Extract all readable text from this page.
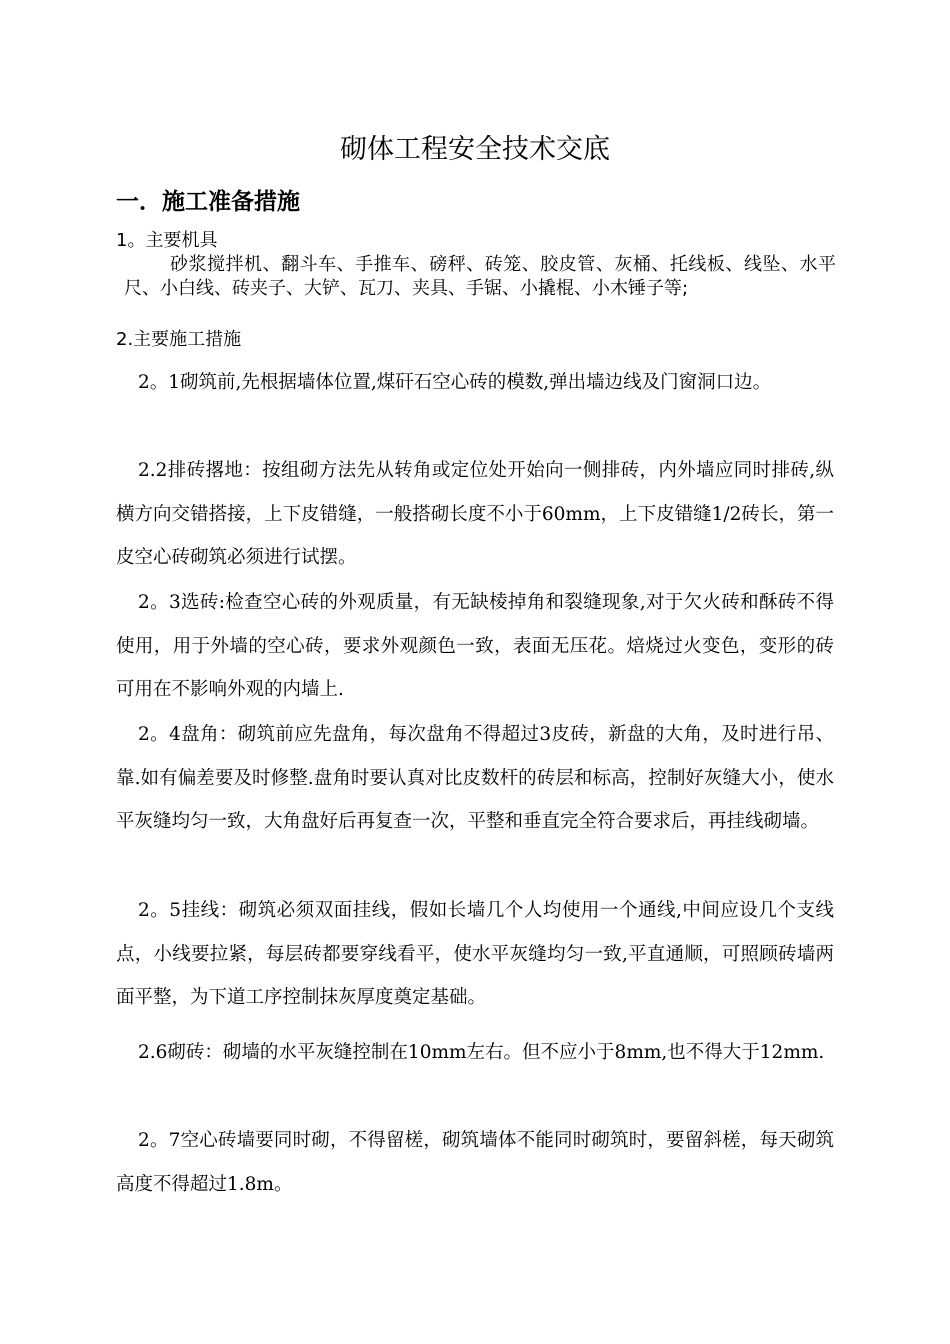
砌体工程安全技术交底
一．施工准备措施

1。主要机具

砂浆搅拌机、翻斗车、手推车、磅秤、砖笼、胶皮管、灰桶、托线板、线坠、水平尺、小白线、砖夹子、大铲、瓦刀、夹具、手锯、小撬棍、小木锤子等;

2.主要施工措施

2。1砌筑前,先根据墙体位置,煤矸石空心砖的模数,弹出墙边线及门窗洞口边。

2.2排砖撂地：按组砌方法先从转角或定位处开始向一侧排砖，内外墙应同时排砖,纵横方向交错搭接，上下皮错缝，一般搭砌长度不小于60mm，上下皮错缝1/2砖长，第一皮空心砖砌筑必须进行试摆。

2。3选砖:检查空心砖的外观质量，有无缺棱掉角和裂缝现象,对于欠火砖和酥砖不得使用，用于外墙的空心砖，要求外观颜色一致，表面无压花。焙烧过火变色，变形的砖可用在不影响外观的内墙上.

2。4盘角：砌筑前应先盘角，每次盘角不得超过3皮砖，新盘的大角，及时进行吊、靠.如有偏差要及时修整.盘角时要认真对比皮数杆的砖层和标高，控制好灰缝大小，使水平灰缝均匀一致，大角盘好后再复查一次，平整和垂直完全符合要求后，再挂线砌墙。

2。5挂线：砌筑必须双面挂线，假如长墙几个人均使用一个通线,中间应设几个支线点，小线要拉紧，每层砖都要穿线看平，使水平灰缝均匀一致,平直通顺，可照顾砖墙两面平整，为下道工序控制抹灰厚度奠定基础。

2.6砌砖：砌墙的水平灰缝控制在10mm左右。但不应小于8mm,也不得大于12mm.

2。7空心砖墙要同时砌，不得留槎，砌筑墙体不能同时砌筑时，要留斜槎，每天砌筑高度不得超过1.8m。
